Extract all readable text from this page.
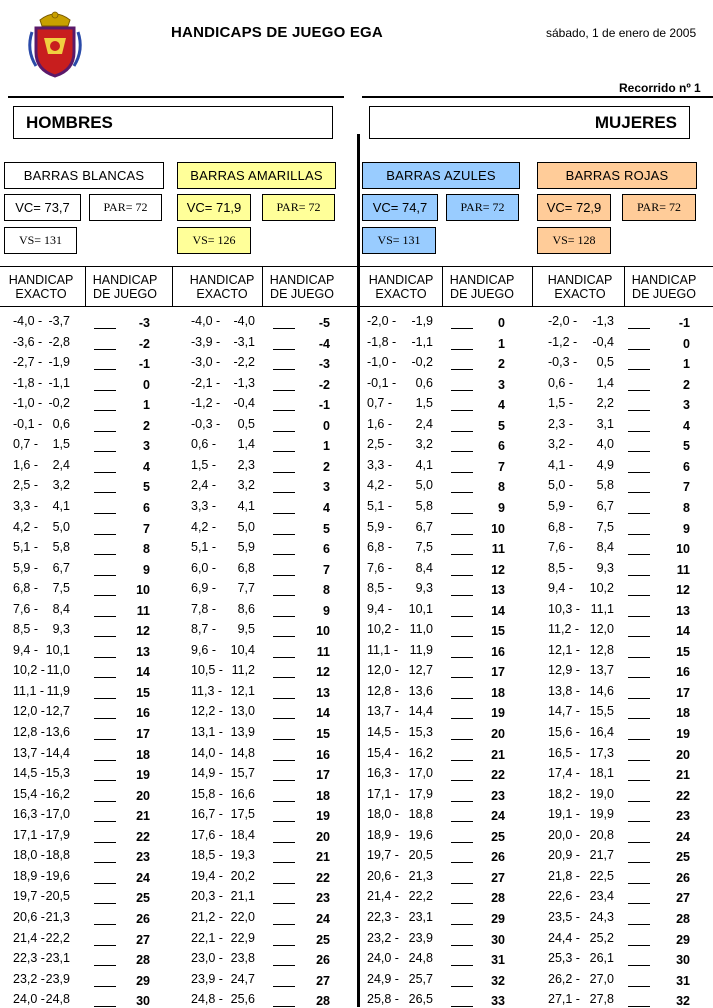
HANDICAPS DE JUEGO EGA	sábado, 1 de enero de 2005
Recorrido nº 1
HOMBRES	MUJERES
BARRAS BLANCAS
VC= 73,7	PAR= 72
VS= 131
HANDICAP
EXACTO
HANDICAP
DE JUEGO
-4,0 - -3,7	-3
-3,6 - -2,8	-2
-2,7 - -1,9	-1
-1,8 - -1,1	0
-1,0 - -0,2	1
-0,1 - 0,6	2
0,7 - 1,5	3
1,6 - 2,4	4
2,5 - 3,2	5
3,3 - 4,1	6
4,2 - 5,0	7
5,1 - 5,8	8
5,9 - 6,7	9
6,8 - 7,5	10
7,6 - 8,4	11
8,5 - 9,3	12
9,4 - 10,1	13
10,2 - 11,0	14
11,1 - 11,9	15
12,0 - 12,7	16
12,8 - 13,6	17
13,7 - 14,4	18
14,5 - 15,3	19
15,4 - 16,2	20
16,3 - 17,0	21
17,1 - 17,9	22
18,0 - 18,8	23
18,9 - 19,6	24
19,7 - 20,5	25
20,6 - 21,3	26
21,4 - 22,2	27
22,3 - 23,1	28
23,2 - 23,9	29
24,0 - 24,8	30
BARRAS AMARILLAS
VC= 71,9	PAR= 72
VS= 126
HANDICAP
EXACTO
HANDICAP
DE JUEGO
-4,0 - -4,0	-5
-3,9 - -3,1	-4
-3,0 - -2,2	-3
-2,1 - -1,3	-2
-1,2 - -0,4	-1
-0,3 - 0,5	0
0,6 - 1,4	1
1,5 - 2,3	2
2,4 - 3,2	3
3,3 - 4,1	4
4,2 - 5,0	5
5,1 - 5,9	6
6,0 - 6,8	7
6,9 - 7,7	8
7,8 - 8,6	9
8,7 - 9,5	10
9,6 - 10,4	11
10,5 - 11,2	12
11,3 - 12,1	13
12,2 - 13,0	14
13,1 - 13,9	15
14,0 - 14,8	16
14,9 - 15,7	17
15,8 - 16,6	18
16,7 - 17,5	19
17,6 - 18,4	20
18,5 - 19,3	21
19,4 - 20,2	22
20,3 - 21,1	23
21,2 - 22,0	24
22,1 - 22,9	25
23,0 - 23,8	26
23,9 - 24,7	27
24,8 - 25,6	28
BARRAS AZULES
VC= 74,7	PAR= 72
VS= 131
HANDICAP
EXACTO
HANDICAP
DE JUEGO
-2,0 - -1,9	0
-1,8 - -1,1	1
-1,0 - -0,2	2
-0,1 - 0,6	3
0,7 - 1,5	4
1,6 - 2,4	5
2,5 - 3,2	6
3,3 - 4,1	7
4,2 - 5,0	8
5,1 - 5,8	9
5,9 - 6,7	10
6,8 - 7,5	11
7,6 - 8,4	12
8,5 - 9,3	13
9,4 - 10,1	14
10,2 - 11,0	15
11,1 - 11,9	16
12,0 - 12,7	17
12,8 - 13,6	18
13,7 - 14,4	19
14,5 - 15,3	20
15,4 - 16,2	21
16,3 - 17,0	22
17,1 - 17,9	23
18,0 - 18,8	24
18,9 - 19,6	25
19,7 - 20,5	26
20,6 - 21,3	27
21,4 - 22,2	28
22,3 - 23,1	29
23,2 - 23,9	30
24,0 - 24,8	31
24,9 - 25,7	32
25,8 - 26,5	33
BARRAS ROJAS
VC= 72,9	PAR= 72
VS= 128
HANDICAP
EXACTO
HANDICAP
DE JUEGO
-2,0 - -1,3	-1
-1,2 - -0,4	0
-0,3 - 0,5	1
0,6 - 1,4	2
1,5 - 2,2	3
2,3 - 3,1	4
3,2 - 4,0	5
4,1 - 4,9	6
5,0 - 5,8	7
5,9 - 6,7	8
6,8 - 7,5	9
7,6 - 8,4	10
8,5 - 9,3	11
9,4 - 10,2	12
10,3 - 11,1	13
11,2 - 12,0	14
12,1 - 12,8	15
12,9 - 13,7	16
13,8 - 14,6	17
14,7 - 15,5	18
15,6 - 16,4	19
16,5 - 17,3	20
17,4 - 18,1	21
18,2 - 19,0	22
19,1 - 19,9	23
20,0 - 20,8	24
20,9 - 21,7	25
21,8 - 22,5	26
22,6 - 23,4	27
23,5 - 24,3	28
24,4 - 25,2	29
25,3 - 26,1	30
26,2 - 27,0	31
27,1 - 27,8	32
